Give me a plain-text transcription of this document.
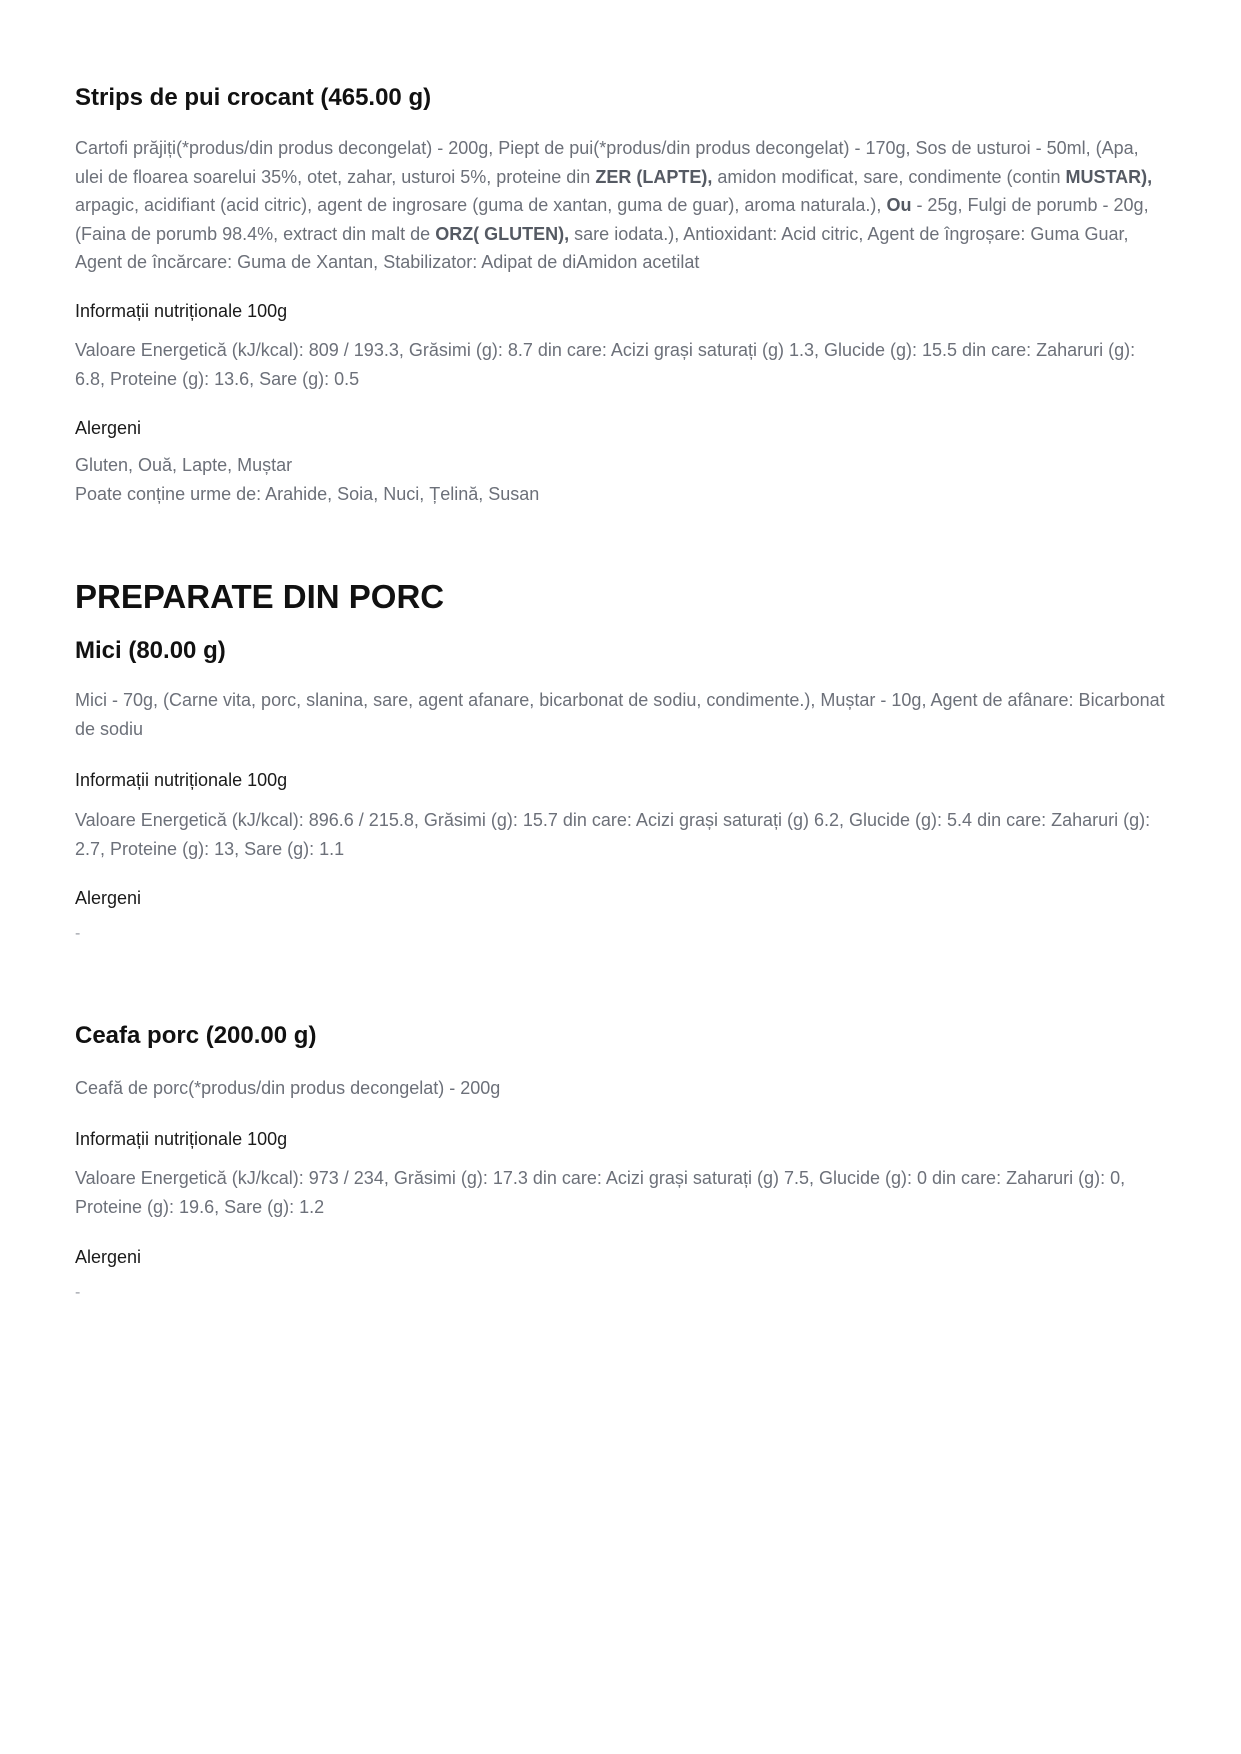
Strips de pui crocant (465.00 g)

Cartofi prăjiți(*produs/din produs decongelat) - 200g, Piept de pui(*produs/din produs decongelat) - 170g, Sos de usturoi - 50ml, (Apa, ulei de floarea soarelui 35%, otet, zahar, usturoi 5%, proteine din ZER (LAPTE), amidon modificat, sare, condimente (contin MUSTAR), arpagic, acidifiant (acid citric), agent de ingrosare (guma de xantan, guma de guar), aroma naturala.), Ou - 25g, Fulgi de porumb - 20g, (Faina de porumb 98.4%, extract din malt de ORZ( GLUTEN), sare iodata.), Antioxidant: Acid citric, Agent de îngroșare: Guma Guar, Agent de încărcare: Guma de Xantan, Stabilizator: Adipat de diAmidon acetilat

Informații nutriționale 100g

Valoare Energetică (kJ/kcal): 809 / 193.3, Grăsimi (g): 8.7 din care: Acizi grași saturați (g) 1.3, Glucide (g): 15.5 din care: Zaharuri (g): 6.8, Proteine (g): 13.6, Sare (g): 0.5

Alergeni

Gluten, Ouă, Lapte, Muștar

Poate conține urme de: Arahide, Soia, Nuci, Țelină, Susan

PREPARATE DIN PORC
Mici (80.00 g)

Mici - 70g, (Carne vita, porc, slanina, sare, agent afanare, bicarbonat de sodiu, condimente.), Muștar - 10g, Agent de afânare: Bicarbonat de sodiu

Informații nutriționale 100g

Valoare Energetică (kJ/kcal): 896.6 / 215.8, Grăsimi (g): 15.7 din care: Acizi grași saturați (g) 6.2, Glucide (g): 5.4 din care: Zaharuri (g): 2.7, Proteine (g): 13, Sare (g): 1.1

Alergeni
-
Ceafa porc (200.00 g)

Ceafă de porc(*produs/din produs decongelat) - 200g

Informații nutriționale 100g

Valoare Energetică (kJ/kcal): 973 / 234, Grăsimi (g): 17.3 din care: Acizi grași saturați (g) 7.5, Glucide (g): 0 din care: Zaharuri (g): 0, Proteine (g): 19.6, Sare (g): 1.2

Alergeni
-
